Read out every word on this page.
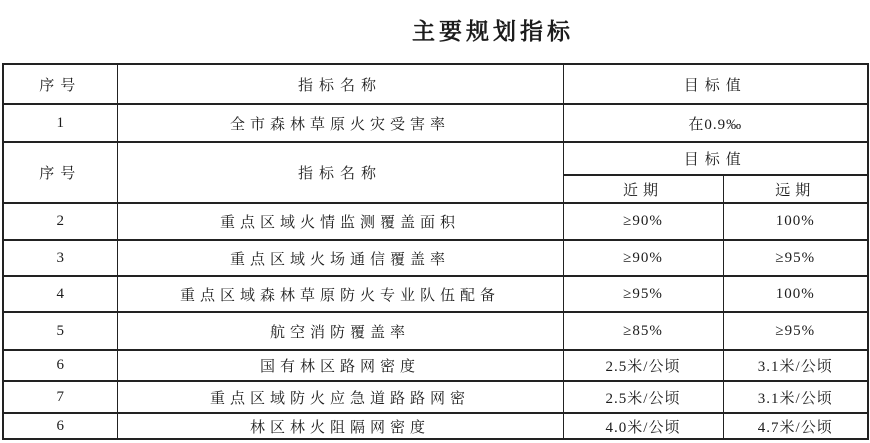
主要规划指标
序号	指标名称	目标值	
1	全市森林草原火灾受害率	在0.9‰	
序号	指标名称	目标值	
		近期	远期
2	重点区域火情监测覆盖面积	≥90%	100%
3	重点区域火场通信覆盖率	≥90%	≥95%
4	重点区域森林草原防火专业队伍配备	≥95%	100%
5	航空消防覆盖率	≥85%	≥95%
6	国有林区路网密度	2.5米/公顷	3.1米/公顷
7	重点区域防火应急道路路网密	2.5米/公顷	3.1米/公顷
6	林区林火阻隔网密度	4.0米/公顷	4.7米/公顷
